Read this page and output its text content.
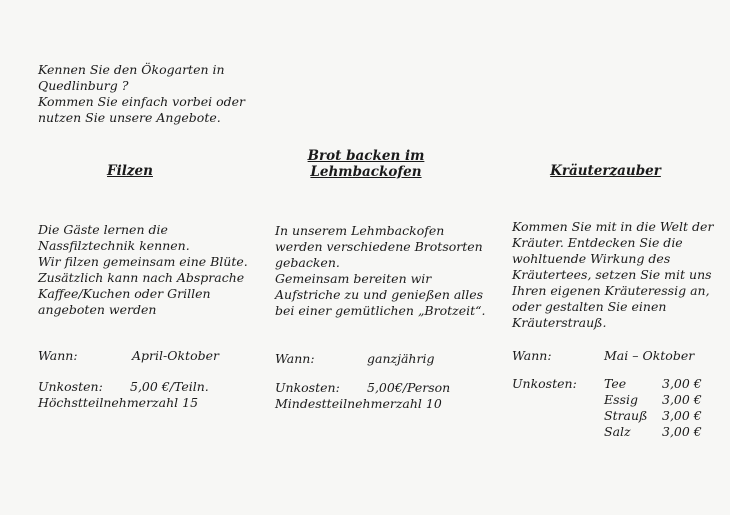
Kennen Sie den Ökogarten in
Quedlinburg ?
Kommen Sie einfach vorbei oder
nutzen Sie unsere Angebote.
Filzen
Die Gäste lernen die
Nassfilztechnik kennen.
Wir filzen gemeinsam eine Blüte.
Zusätzlich kann nach Absprache
Kaffee/Kuchen oder Grillen
angeboten werden
Wann:	April-Oktober
Unkosten: 5,00 €/Teiln.
Höchstteilnehmerzahl 15
Brot backen im
Lehmbackofen
In unserem Lehmbackofen
werden verschiedene Brotsorten
gebacken.
Gemeinsam bereiten wir
Aufstriche zu und genießen alles
bei einer gemütlichen „Brotzeit“.
Wann:	ganzjährig
Unkosten: 5,00€/Person
Mindestteilnehmerzahl 10
Kräuterzauber
Kommen Sie mit in die Welt der
Kräuter. Entdecken Sie die
wohltuende Wirkung des
Kräutertees, setzen Sie mit uns
Ihren eigenen Kräuteressig an,
oder gestalten Sie einen
Kräuterstrauß.
Wann:	Mai – Oktober
Unkosten: Tee	3,00 €
Essig 3,00 €
Strauß 3,00 €
Salz	3,00 €
